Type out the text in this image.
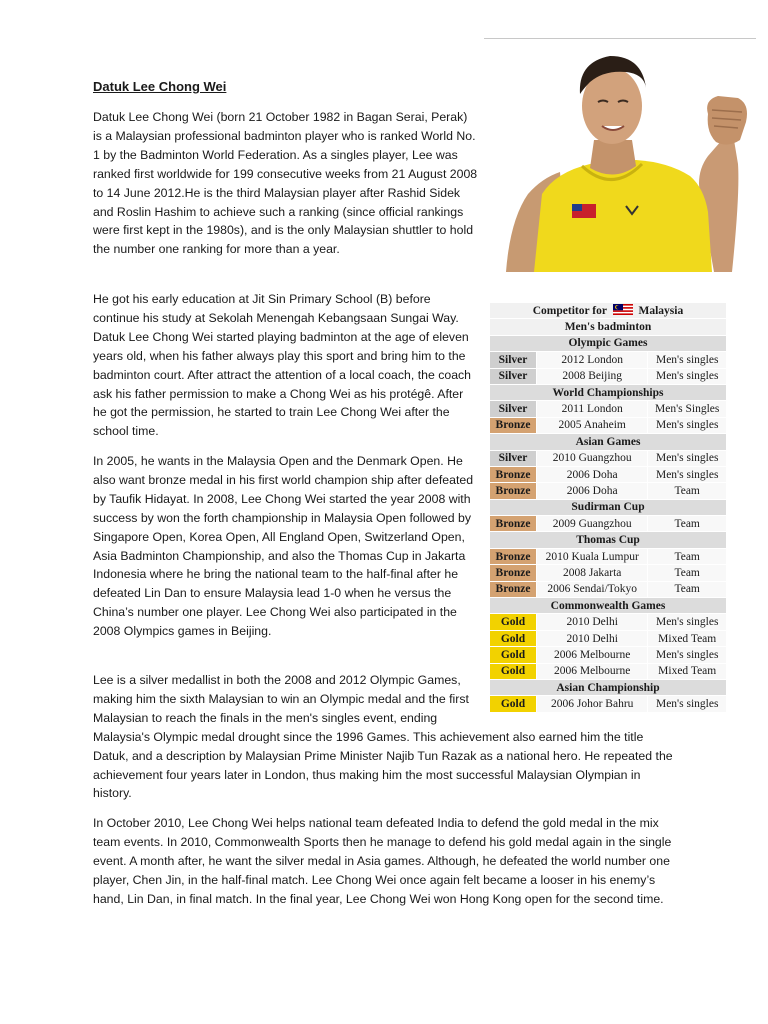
Datuk Lee Chong Wei

Datuk Lee Chong Wei (born 21 October 1982 in Bagan Serai, Perak) is a Malaysian professional badminton player who is ranked World No. 1 by the Badminton World Federation. As a singles player, Lee was ranked first worldwide for 199 consecutive weeks from 21 August 2008 to 14 June 2012.He is the third Malaysian player after Rashid Sidek and Roslin Hashim to achieve such a ranking (since official rankings were first kept in the 1980s), and is the only Malaysian shuttler to hold the number one ranking for more than a year.

He got his early education at Jit Sin Primary School (B) before continue his study at Sekolah Menengah Kebangsaan Sungai Way. Datuk Lee Chong Wei started playing badminton at the age of eleven years old, when his father always play this sport and bring him to the badminton court. After attract the attention of a local coach, the coach ask his father permission to make a Chong Wei as his protégê. After he got the permission, he started to train Lee Chong Wei after the school time.

In 2005, he wants in the Malaysia Open and the Denmark Open. He also want bronze medal in his first world champion ship after defeated by Taufik Hidayat. In 2008, Lee Chong Wei started the year 2008 with success by won the forth championship in Malaysia Open followed by Singapore Open, Korea Open, All England Open, Switzerland Open, Asia Badminton Championship, and also the Thomas Cup in Jakarta Indonesia where he bring the national team to the half-final after he defeated Lin Dan to ensure Malaysia lead 1-0 when he versus the China’s number one player. Lee Chong Wei also participated in the 2008 Olympics games in Beijing.

Lee is a silver medallist in both the 2008 and 2012 Olympic Games, making him the sixth Malaysian to win an Olympic medal and the first Malaysian to reach the finals in the men's singles event, ending Malaysia's Olympic medal drought since the 1996 Games. This achievement also earned him the title Datuk, and a description by Malaysian Prime Minister Najib Tun Razak as a national hero. He repeated the achievement four years later in London, thus making him the most successful Malaysian Olympian in history.

In October 2010, Lee Chong Wei helps national team defeated India to defend the gold medal in the mix team events. In 2010, Commonwealth Sports then he manage to defend his gold medal again in the single event. A month after, he want the silver medal in Asia games. Although, he defeated the world number one player, Chen Jin, in the half-final match. Lee Chong Wei once again felt became a looser in his enemy’s hand, Lin Dan, in final match. In the final year, Lee Chong Wei won Hong Kong open for the second time.

Competitor for Malaysia		
Men's badminton		
Olympic Games		
Silver	2012 London	Men's singles
Silver	2008 Beijing	Men's singles
World Championships		
Silver	2011 London	Men's Singles
Bronze	2005 Anaheim	Men's singles
Asian Games		
Silver	2010 Guangzhou	Men's singles
Bronze	2006 Doha	Men's singles
Bronze	2006 Doha	Team
Sudirman Cup		
Bronze	2009 Guangzhou	Team
Thomas Cup		
Bronze	2010 Kuala Lumpur	Team
Bronze	2008 Jakarta	Team
Bronze	2006 Sendai/Tokyo	Team
Commonwealth Games		
Gold	2010 Delhi	Men's singles
Gold	2010 Delhi	Mixed Team
Gold	2006 Melbourne	Men's singles
Gold	2006 Melbourne	Mixed Team
Asian Championship		
Gold	2006 Johor Bahru	Men's singles
